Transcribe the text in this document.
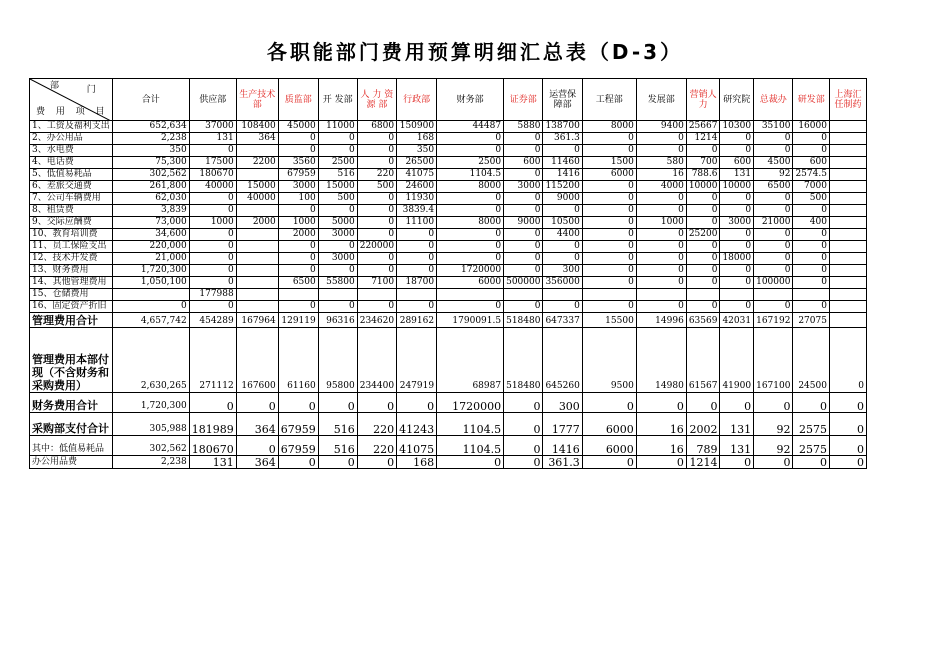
各职能部门费用预算明细汇总表（D-3）
部 门
费 用 项 目	合计	供应部	生产技术部	质监部	开 发部	人 力 资 源 部	行政部	财务部	证券部	运营保障部	工程部	发展部	营销人力	研究院	总裁办	研发部	上海汇任制药
1、工资及福利支出	652,634	37000	108400	45000	11000	6800	150900	44487	5880	138700	8000	9400	25667	10300	35100	16000	
2、办公用品	2,238	131	364	0	0	0	168	0	0	361.3	0	0	1214	0	0	0	
3、水电费	350	0		0	0	0	350	0	0	0	0	0	0	0	0	0	
4、电话费	75,300	17500	2200	3560	2500	0	26500	2500	600	11460	1500	580	700	600	4500	600	
5、低值易耗品	302,562	180670		67959	516	220	41075	1104.5	0	1416	6000	16	788.6	131	92	2574.5	
6、差旅交通费	261,800	40000	15000	3000	15000	500	24600	8000	3000	115200	0	4000	10000	10000	6500	7000	
7、公司车辆费用	62,030	0	40000	100	500	0	11930	0	0	9000	0	0	0	0	0	500	
8、租赁费	3,839	0		0	0	0	3839.4	0	0	0	0	0	0	0	0	0	
9、交际应酬费	73,000	1000	2000	1000	5000	0	11100	8000	9000	10500	0	1000	0	3000	21000	400	
10、教育培训费	34,600	0		2000	3000	0	0	0	0	4400	0	0	25200	0	0	0	
11、员工保险支出	220,000	0		0	0	220000	0	0	0	0	0	0	0	0	0	0	
12、技术开发费	21,000	0		0	3000	0	0	0	0	0	0	0	0	18000	0	0	
13、财务费用	1,720,300	0		0	0	0	0	1720000	0	300	0	0	0	0	0	0	
14、其他管理费用	1,050,100	0		6500	55800	7100	18700	6000	500000	356000	0	0	0	0	100000	0	
15、仓储费用		177988															
16、固定资产折旧	0	0		0	0	0	0	0	0	0	0	0	0	0	0	0	
管理费用合计	4,657,742	454289	167964	129119	96316	234620	289162	1790091.5	518480	647337	15500	14996	63569	42031	167192	27075	
管理费用本部付现（不含财务和采购费用）	2,630,265	271112	167600	61160	95800	234400	247919	68987	518480	645260	9500	14980	61567	41900	167100	24500	0
财务费用合计	1,720,300	0	0	0	0	0	0	1720000	0	300	0	0	0	0	0	0	0
采购部支付合计	305,988	181989	364	67959	516	220	41243	1104.5	0	1777	6000	16	2002	131	92	2575	0
其中：低值易耗品	302,562	180670	0	67959	516	220	41075	1104.5	0	1416	6000	16	789	131	92	2575	0
办公用品费	2,238	131	364	0	0	0	168	0	0	361.3	0	0	1214	0	0	0	0
